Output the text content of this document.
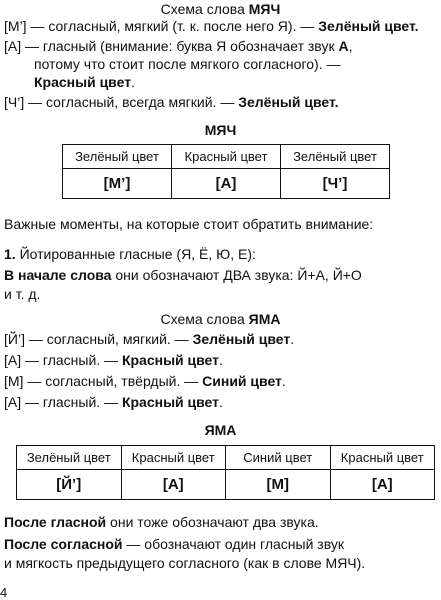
Схема слова МЯЧ
[М’] — согласный, мягкий (т. к. после него Я). — Зелёный цвет.
[А] — гласный (внимание: буква Я обозначает звук А,
потому что стоит после мягкого согласного). —
Красный цвет.
[Ч’] — согласный, всегда мягкий. — Зелёный цвет.
МЯЧ
Зелёный цвет	Красный цвет	Зелёный цвет
[М’]	[А]	[Ч’]
Важные моменты, на которые стоит обратить внимание:
1. Йотированные гласные (Я, Ё, Ю, Е):
В начале слова они обозначают ДВА звука: Й+А, Й+О
и т. д.
Схема слова ЯМА
[Й’] — согласный, мягкий. — Зелёный цвет.
[А] — гласный. — Красный цвет.
[М] — согласный, твёрдый. — Синий цвет.
[А] — гласный. — Красный цвет.
ЯМА
Зелёный цвет	Красный цвет	Синий цвет	Красный цвет
[Й’]	[А]	[М]	[А]
После гласной они тоже обозначают два звука.
После согласной — обозначают один гласный звук
и мягкость предыдущего согласного (как в слове МЯЧ).
4
